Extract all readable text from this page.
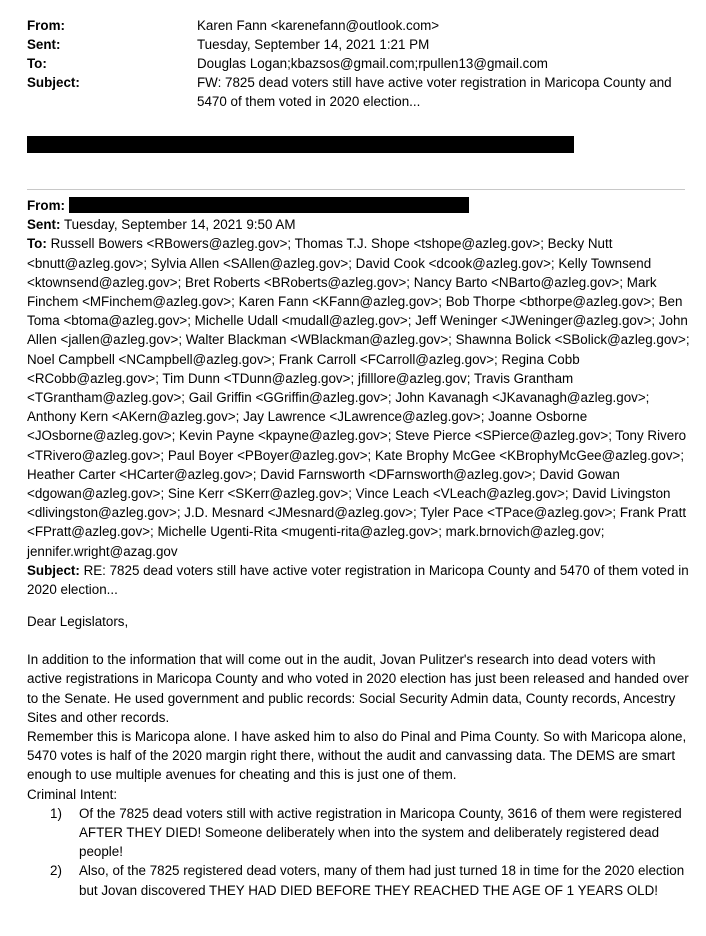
From:	Karen Fann <karenefann@outlook.com>
Sent:	Tuesday, September 14, 2021 1:21 PM
To:	Douglas Logan;kbazsos@gmail.com;rpullen13@gmail.com
Subject:	FW: 7825 dead voters still have active voter registration in Maricopa County and 5470 of them voted in 2020 election...
From:
Sent: Tuesday, September 14, 2021 9:50 AM
To: Russell Bowers <RBowers@azleg.gov>; Thomas T.J. Shope <tshope@azleg.gov>; Becky Nutt <bnutt@azleg.gov>; Sylvia Allen <SAllen@azleg.gov>; David Cook <dcook@azleg.gov>; Kelly Townsend <ktownsend@azleg.gov>; Bret Roberts <BRoberts@azleg.gov>; Nancy Barto <NBarto@azleg.gov>; Mark Finchem <MFinchem@azleg.gov>; Karen Fann <KFann@azleg.gov>; Bob Thorpe <bthorpe@azleg.gov>; Ben Toma <btoma@azleg.gov>; Michelle Udall <mudall@azleg.gov>; Jeff Weninger <JWeninger@azleg.gov>; John Allen <jallen@azleg.gov>; Walter Blackman <WBlackman@azleg.gov>; Shawnna Bolick <SBolick@azleg.gov>; Noel Campbell <NCampbell@azleg.gov>; Frank Carroll <FCarroll@azleg.gov>; Regina Cobb <RCobb@azleg.gov>; Tim Dunn <TDunn@azleg.gov>; jfilllore@azleg.gov; Travis Grantham <TGrantham@azleg.gov>; Gail Griffin <GGriffin@azleg.gov>; John Kavanagh <JKavanagh@azleg.gov>; Anthony Kern <AKern@azleg.gov>; Jay Lawrence <JLawrence@azleg.gov>; Joanne Osborne <JOsborne@azleg.gov>; Kevin Payne <kpayne@azleg.gov>; Steve Pierce <SPierce@azleg.gov>; Tony Rivero <TRivero@azleg.gov>; Paul Boyer <PBoyer@azleg.gov>; Kate Brophy McGee <KBrophyMcGee@azleg.gov>; Heather Carter <HCarter@azleg.gov>; David Farnsworth <DFarnsworth@azleg.gov>; David Gowan <dgowan@azleg.gov>; Sine Kerr <SKerr@azleg.gov>; Vince Leach <VLeach@azleg.gov>; David Livingston <dlivingston@azleg.gov>; J.D. Mesnard <JMesnard@azleg.gov>; Tyler Pace <TPace@azleg.gov>; Frank Pratt <FPratt@azleg.gov>; Michelle Ugenti-Rita <mugenti-rita@azleg.gov>; mark.brnovich@azleg.gov; jennifer.wright@azag.gov
Subject: RE: 7825 dead voters still have active voter registration in Maricopa County and 5470 of them voted in 2020 election...

Dear Legislators,

In addition to the information that will come out in the audit, Jovan Pulitzer's research into dead voters with active registrations in Maricopa County and who voted in 2020 election has just been released and handed over to the Senate. He used government and public records: Social Security Admin data, County records, Ancestry Sites and other records.

Remember this is Maricopa alone. I have asked him to also do Pinal and Pima County. So with Maricopa alone, 5470 votes is half of the 2020 margin right there, without the audit and canvassing data. The DEMS are smart enough to use multiple avenues for cheating and this is just one of them.

Criminal Intent:

1)	Of the 7825 dead voters still with active registration in Maricopa County, 3616 of them were registered AFTER THEY DIED! Someone deliberately when into the system and deliberately registered dead people!
2)	Also, of the 7825 registered dead voters, many of them had just turned 18 in time for the 2020 election but Jovan discovered THEY HAD DIED BEFORE THEY REACHED THE AGE OF 1 YEARS OLD!
